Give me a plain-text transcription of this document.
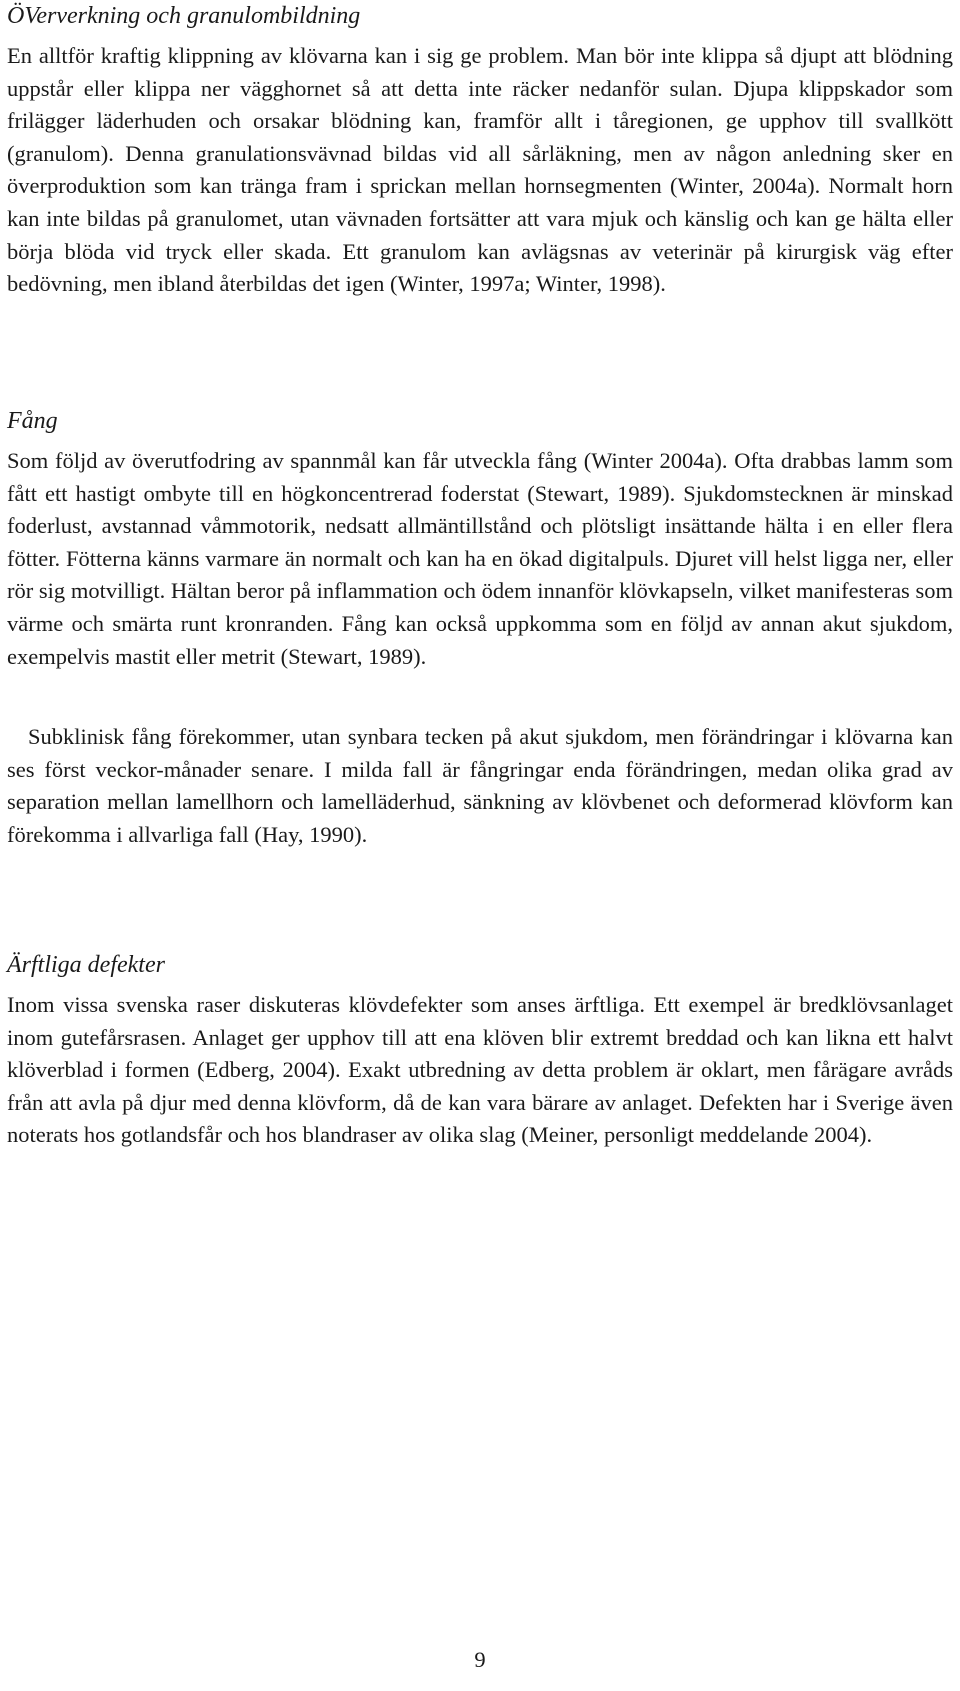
ÖVerverkning och granulombildning

En alltför kraftig klippning av klövarna kan i sig ge problem. Man bör inte klippa så djupt att blödning uppstår eller klippa ner vägghornet så att detta inte räcker nedanför sulan. Djupa klippskador som frilägger läderhuden och orsakar blödning kan, framför allt i tåregionen, ge upphov till svallkött (granulom). Denna granulationsvävnad bildas vid all sårläkning, men av någon anledning sker en överproduktion som kan tränga fram i sprickan mellan hornsegmenten (Winter, 2004a). Normalt horn kan inte bildas på granulomet, utan vävnaden fortsätter att vara mjuk och känslig och kan ge hälta eller börja blöda vid tryck eller skada. Ett granulom kan avlägsnas av veterinär på kirurgisk väg efter bedövning, men ibland återbildas det igen (Winter, 1997a; Winter, 1998).

Fång

Som följd av överutfodring av spannmål kan får utveckla fång (Winter 2004a). Ofta drabbas lamm som fått ett hastigt ombyte till en högkoncentrerad foderstat (Stewart, 1989). Sjukdomstecknen är minskad foderlust, avstannad våmmotorik, nedsatt allmäntillstånd och plötsligt insättande hälta i en eller flera fötter. Fötterna känns varmare än normalt och kan ha en ökad digitalpuls. Djuret vill helst ligga ner, eller rör sig motvilligt. Hältan beror på inflammation och ödem innanför klövkapseln, vilket manifesteras som värme och smärta runt kronranden. Fång kan också uppkomma som en följd av annan akut sjukdom, exempelvis mastit eller metrit (Stewart, 1989).

Subklinisk fång förekommer, utan synbara tecken på akut sjukdom, men förändringar i klövarna kan ses först veckor-månader senare. I milda fall är fångringar enda förändringen, medan olika grad av separation mellan lamellhorn och lamelläderhud, sänkning av klövbenet och deformerad klövform kan förekomma i allvarliga fall (Hay, 1990).

Ärftliga defekter

Inom vissa svenska raser diskuteras klövdefekter som anses ärftliga. Ett exempel är bredklövsanlaget inom gutefårsrasen. Anlaget ger upphov till att ena klöven blir extremt breddad och kan likna ett halvt klöverblad i formen (Edberg, 2004). Exakt utbredning av detta problem är oklart, men fårägare avråds från att avla på djur med denna klövform, då de kan vara bärare av anlaget. Defekten har i Sverige även noterats hos gotlandsfår och hos blandraser av olika slag (Meiner, personligt meddelande 2004).

9
